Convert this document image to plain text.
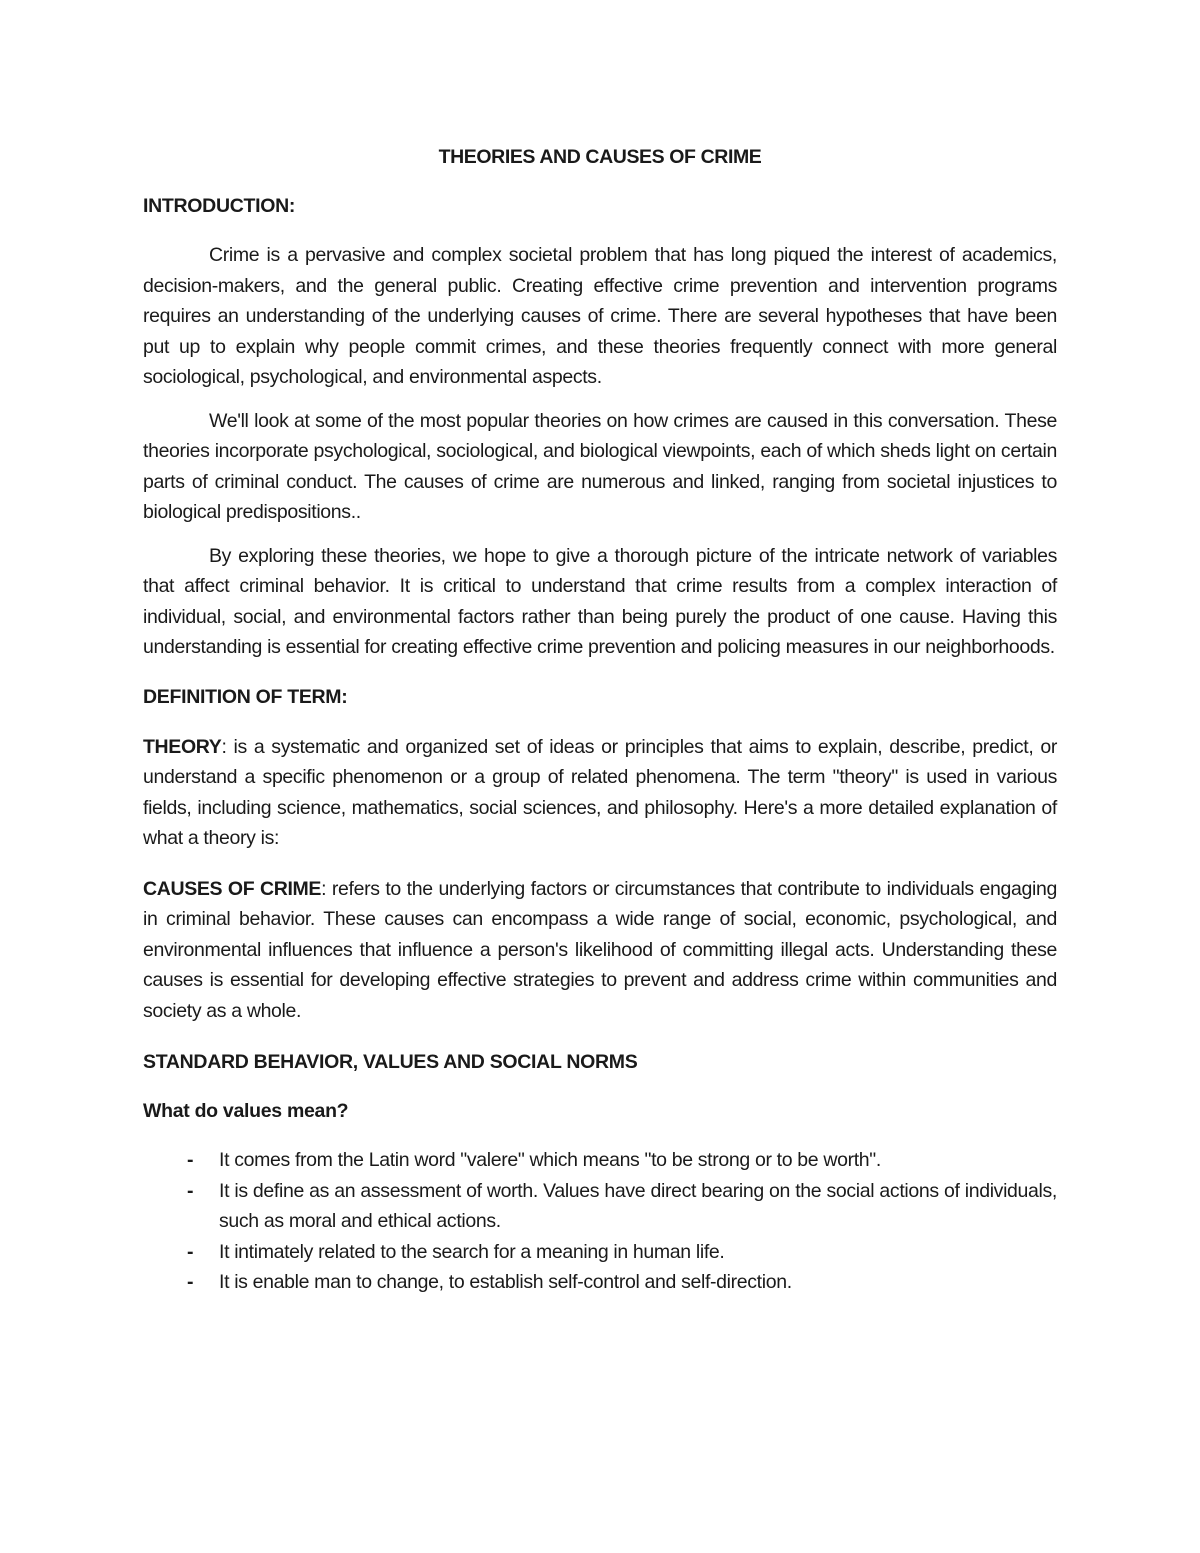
THEORIES AND CAUSES OF CRIME
INTRODUCTION:

Crime is a pervasive and complex societal problem that has long piqued the interest of academics, decision-makers, and the general public. Creating effective crime prevention and intervention programs requires an understanding of the underlying causes of crime. There are several hypotheses that have been put up to explain why people commit crimes, and these theories frequently connect with more general sociological, psychological, and environmental aspects.

We'll look at some of the most popular theories on how crimes are caused in this conversation. These theories incorporate psychological, sociological, and biological viewpoints, each of which sheds light on certain parts of criminal conduct. The causes of crime are numerous and linked, ranging from societal injustices to biological predispositions..

By exploring these theories, we hope to give a thorough picture of the intricate network of variables that affect criminal behavior. It is critical to understand that crime results from a complex interaction of individual, social, and environmental factors rather than being purely the product of one cause. Having this understanding is essential for creating effective crime prevention and policing measures in our neighborhoods.

DEFINITION OF TERM:

THEORY: is a systematic and organized set of ideas or principles that aims to explain, describe, predict, or understand a specific phenomenon or a group of related phenomena. The term "theory" is used in various fields, including science, mathematics, social sciences, and philosophy. Here's a more detailed explanation of what a theory is:

CAUSES OF CRIME: refers to the underlying factors or circumstances that contribute to individuals engaging in criminal behavior. These causes can encompass a wide range of social, economic, psychological, and environmental influences that influence a person's likelihood of committing illegal acts. Understanding these causes is essential for developing effective strategies to prevent and address crime within communities and society as a whole.

STANDARD BEHAVIOR, VALUES AND SOCIAL NORMS
What do values mean?
- It comes from the Latin word "valere" which means "to be strong or to be worth".
- It is define as an assessment of worth. Values have direct bearing on the social actions of individuals, such as moral and ethical actions.
- It intimately related to the search for a meaning in human life.
- It is enable man to change, to establish self-control and self-direction.
